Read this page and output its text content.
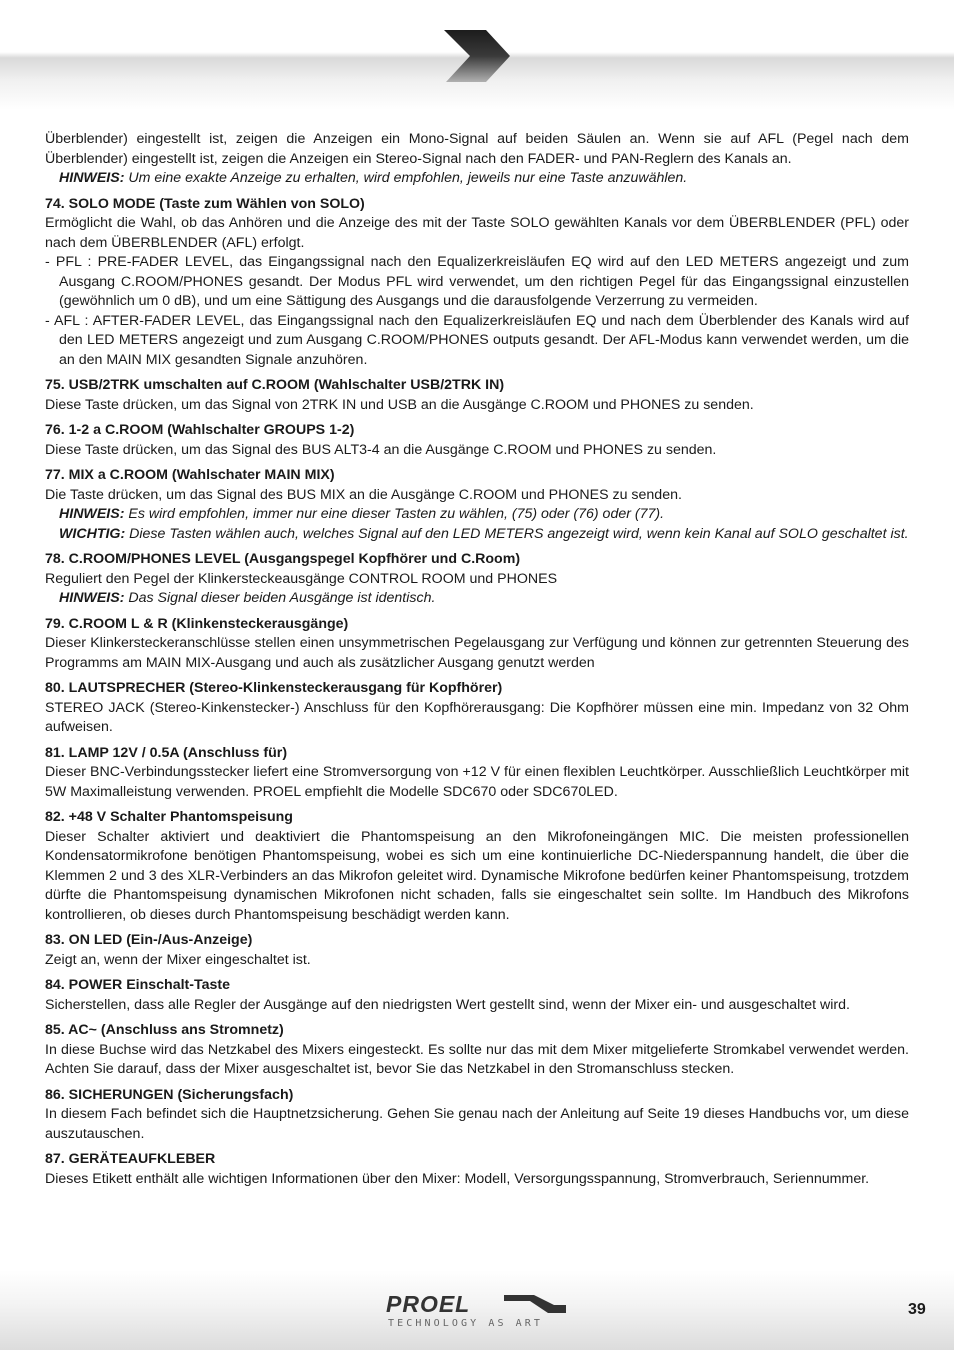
Überblender) eingestellt ist, zeigen die Anzeigen ein Mono-Signal auf beiden Säulen an. Wenn sie auf AFL (Pegel nach dem Überblender) eingestellt ist, zeigen die Anzeigen ein Stereo-Signal nach den FADER- und PAN-Reglern des Kanals an.

HINWEIS: Um eine exakte Anzeige zu erhalten, wird empfohlen, jeweils nur eine Taste anzuwählen.

74. SOLO MODE (Taste zum Wählen von SOLO)

Ermöglicht die Wahl, ob das Anhören und die Anzeige des mit der Taste SOLO gewählten Kanals vor dem ÜBERBLENDER (PFL) oder nach dem ÜBERBLENDER (AFL) erfolgt.

- PFL : PRE-FADER LEVEL, das Eingangssignal nach den Equalizerkreisläufen EQ wird auf den LED METERS angezeigt und zum Ausgang C.ROOM/PHONES gesandt. Der Modus PFL wird verwendet, um den richtigen Pegel für das Eingangssignal einzustellen (gewöhnlich um 0 dB), und um eine Sättigung des Ausgangs und die darausfolgende Verzerrung zu vermeiden.

- AFL : AFTER-FADER LEVEL, das Eingangssignal nach den Equalizerkreisläufen EQ und nach dem Überblender des Kanals wird auf den LED METERS angezeigt und zum Ausgang C.ROOM/PHONES outputs gesandt. Der AFL-Modus kann verwendet werden, um die an den MAIN MIX gesandten Signale anzuhören.

75. USB/2TRK umschalten auf C.ROOM (Wahlschalter USB/2TRK IN)

Diese Taste drücken, um das Signal von 2TRK IN und USB an die Ausgänge C.ROOM und PHONES zu senden.

76. 1-2 a C.ROOM (Wahlschalter GROUPS 1-2)

Diese Taste drücken, um das Signal des BUS ALT3-4 an die Ausgänge C.ROOM und PHONES zu senden.

77. MIX a C.ROOM (Wahlschater MAIN MIX)

Die Taste drücken, um das Signal des BUS MIX an die Ausgänge C.ROOM und PHONES zu senden.

HINWEIS: Es wird empfohlen, immer nur eine dieser Tasten zu wählen, (75) oder (76) oder (77).

WICHTIG: Diese Tasten wählen auch, welches Signal auf den LED METERS angezeigt wird, wenn kein Kanal auf SOLO geschaltet ist.

78. C.ROOM/PHONES LEVEL (Ausgangspegel Kopfhörer und C.Room)

Reguliert den Pegel der Klinkersteckeausgänge CONTROL ROOM und PHONES

HINWEIS: Das Signal dieser beiden Ausgänge ist identisch.

79. C.ROOM L & R (Klinkensteckerausgänge)

Dieser Klinkersteckeranschlüsse stellen einen unsymmetrischen Pegelausgang zur Verfügung und können zur getrennten Steuerung des Programms am MAIN MIX-Ausgang und auch als zusätzlicher Ausgang genutzt werden

80. LAUTSPRECHER (Stereo-Klinkensteckerausgang für Kopfhörer)

STEREO JACK (Stereo-Kinkenstecker-) Anschluss für den Kopfhörerausgang: Die Kopfhörer müssen eine min. Impedanz von 32 Ohm aufweisen.

81. LAMP 12V / 0.5A (Anschluss für)

Dieser BNC-Verbindungsstecker liefert eine Stromversorgung von +12 V für einen flexiblen Leuchtkörper. Ausschließlich Leuchtkörper mit 5W Maximalleistung verwenden. PROEL empfiehlt die Modelle SDC670 oder SDC670LED.

82. +48 V Schalter Phantomspeisung

Dieser Schalter aktiviert und deaktiviert die Phantomspeisung an den Mikrofoneingängen MIC. Die meisten professionellen Kondensatormikrofone benötigen Phantomspeisung, wobei es sich um eine kontinuierliche DC-Niederspannung handelt, die über die Klemmen 2 und 3 des XLR-Verbinders an das Mikrofon geleitet wird. Dynamische Mikrofone bedürfen keiner Phantomspeisung, trotzdem dürfte die Phantomspeisung dynamischen Mikrofonen nicht schaden, falls sie eingeschaltet sein sollte. Im Handbuch des Mikrofons kontrollieren, ob dieses durch Phantomspeisung beschädigt werden kann.

83. ON LED (Ein-/Aus-Anzeige)

Zeigt an, wenn der Mixer eingeschaltet ist.

84. POWER Einschalt-Taste

Sicherstellen, dass alle Regler der Ausgänge auf den niedrigsten Wert gestellt sind, wenn der Mixer ein- und ausgeschaltet wird.

85. AC~ (Anschluss ans Stromnetz)

In diese Buchse wird das Netzkabel des Mixers eingesteckt. Es sollte nur das mit dem Mixer mitgelieferte Stromkabel verwendet werden. Achten Sie darauf, dass der Mixer ausgeschaltet ist, bevor Sie das Netzkabel in den Stromanschluss stecken.

86. SICHERUNGEN (Sicherungsfach)

In diesem Fach befindet sich die Hauptnetzsicherung. Gehen Sie genau nach der Anleitung auf Seite 19 dieses Handbuchs vor, um diese auszutauschen.

87. GERÄTEAUFKLEBER

Dieses Etikett enthält alle wichtigen Informationen über den Mixer: Modell, Versorgungsspannung, Stromverbrauch, Seriennummer.

PROEL
TECHNOLOGY AS ART
39
